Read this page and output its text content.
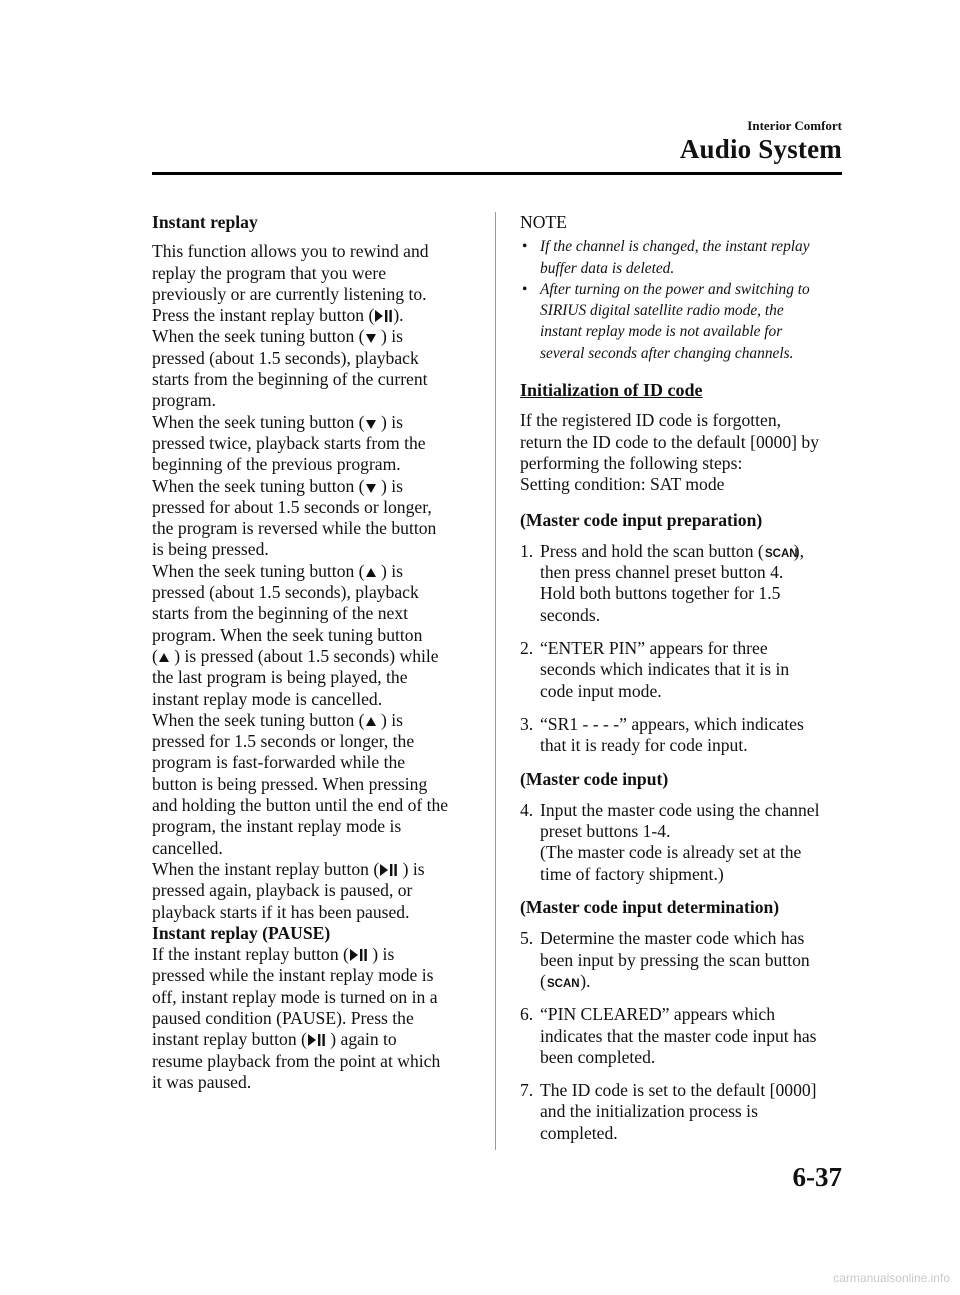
Interior Comfort
Audio System
Instant replay
This function allows you to rewind and
replay the program that you were
previously or are currently listening to.
Press the instant replay button ( ).
When the seek tuning button ( ) is
pressed (about 1.5 seconds), playback
starts from the beginning of the current
program.
When the seek tuning button ( ) is
pressed twice, playback starts from the
beginning of the previous program.
When the seek tuning button ( ) is
pressed for about 1.5 seconds or longer,
the program is reversed while the button
is being pressed.
When the seek tuning button ( ) is
pressed (about 1.5 seconds), playback
starts from the beginning of the next
program. When the seek tuning button
( ) is pressed (about 1.5 seconds) while
the last program is being played, the
instant replay mode is cancelled.
When the seek tuning button ( ) is
pressed for 1.5 seconds or longer, the
program is fast-forwarded while the
button is being pressed. When pressing
and holding the button until the end of the
program, the instant replay mode is
cancelled.
When the instant replay button ( ) is
pressed again, playback is paused, or
playback starts if it has been paused.
Instant replay (PAUSE)
If the instant replay button ( ) is
pressed while the instant replay mode is
off, instant replay mode is turned on in a
paused condition (PAUSE). Press the
instant replay button ( ) again to
resume playback from the point at which
it was paused.
NOTE
• If the channel is changed, the instant replay
buffer data is deleted.
• After turning on the power and switching to
SIRIUS digital satellite radio mode, the
instant replay mode is not available for
several seconds after changing channels.
Initialization of ID code
If the registered ID code is forgotten,
return the ID code to the default [0000] by
performing the following steps:
Setting condition: SAT mode
(Master code input preparation)
1. Press and hold the scan button ( SCAN
),
then press channel preset button 4.
Hold both buttons together for 1.5
seconds.
2. “ENTER PIN” appears for three
seconds which indicates that it is in
code input mode.
3. “SR1 - - - -” appears, which indicates
that it is ready for code input.
(Master code input)
4. Input the master code using the channel
preset buttons 1-4.
(The master code is already set at the
time of factory shipment.)
(Master code input determination)
5. Determine the master code which has
been input by pressing the scan button
( SCAN
).
6. “PIN CLEARED” appears which
indicates that the master code input has
been completed.
7. The ID code is set to the default [0000]
and the initialization process is
completed.
6-37
carmanualsonline.info
